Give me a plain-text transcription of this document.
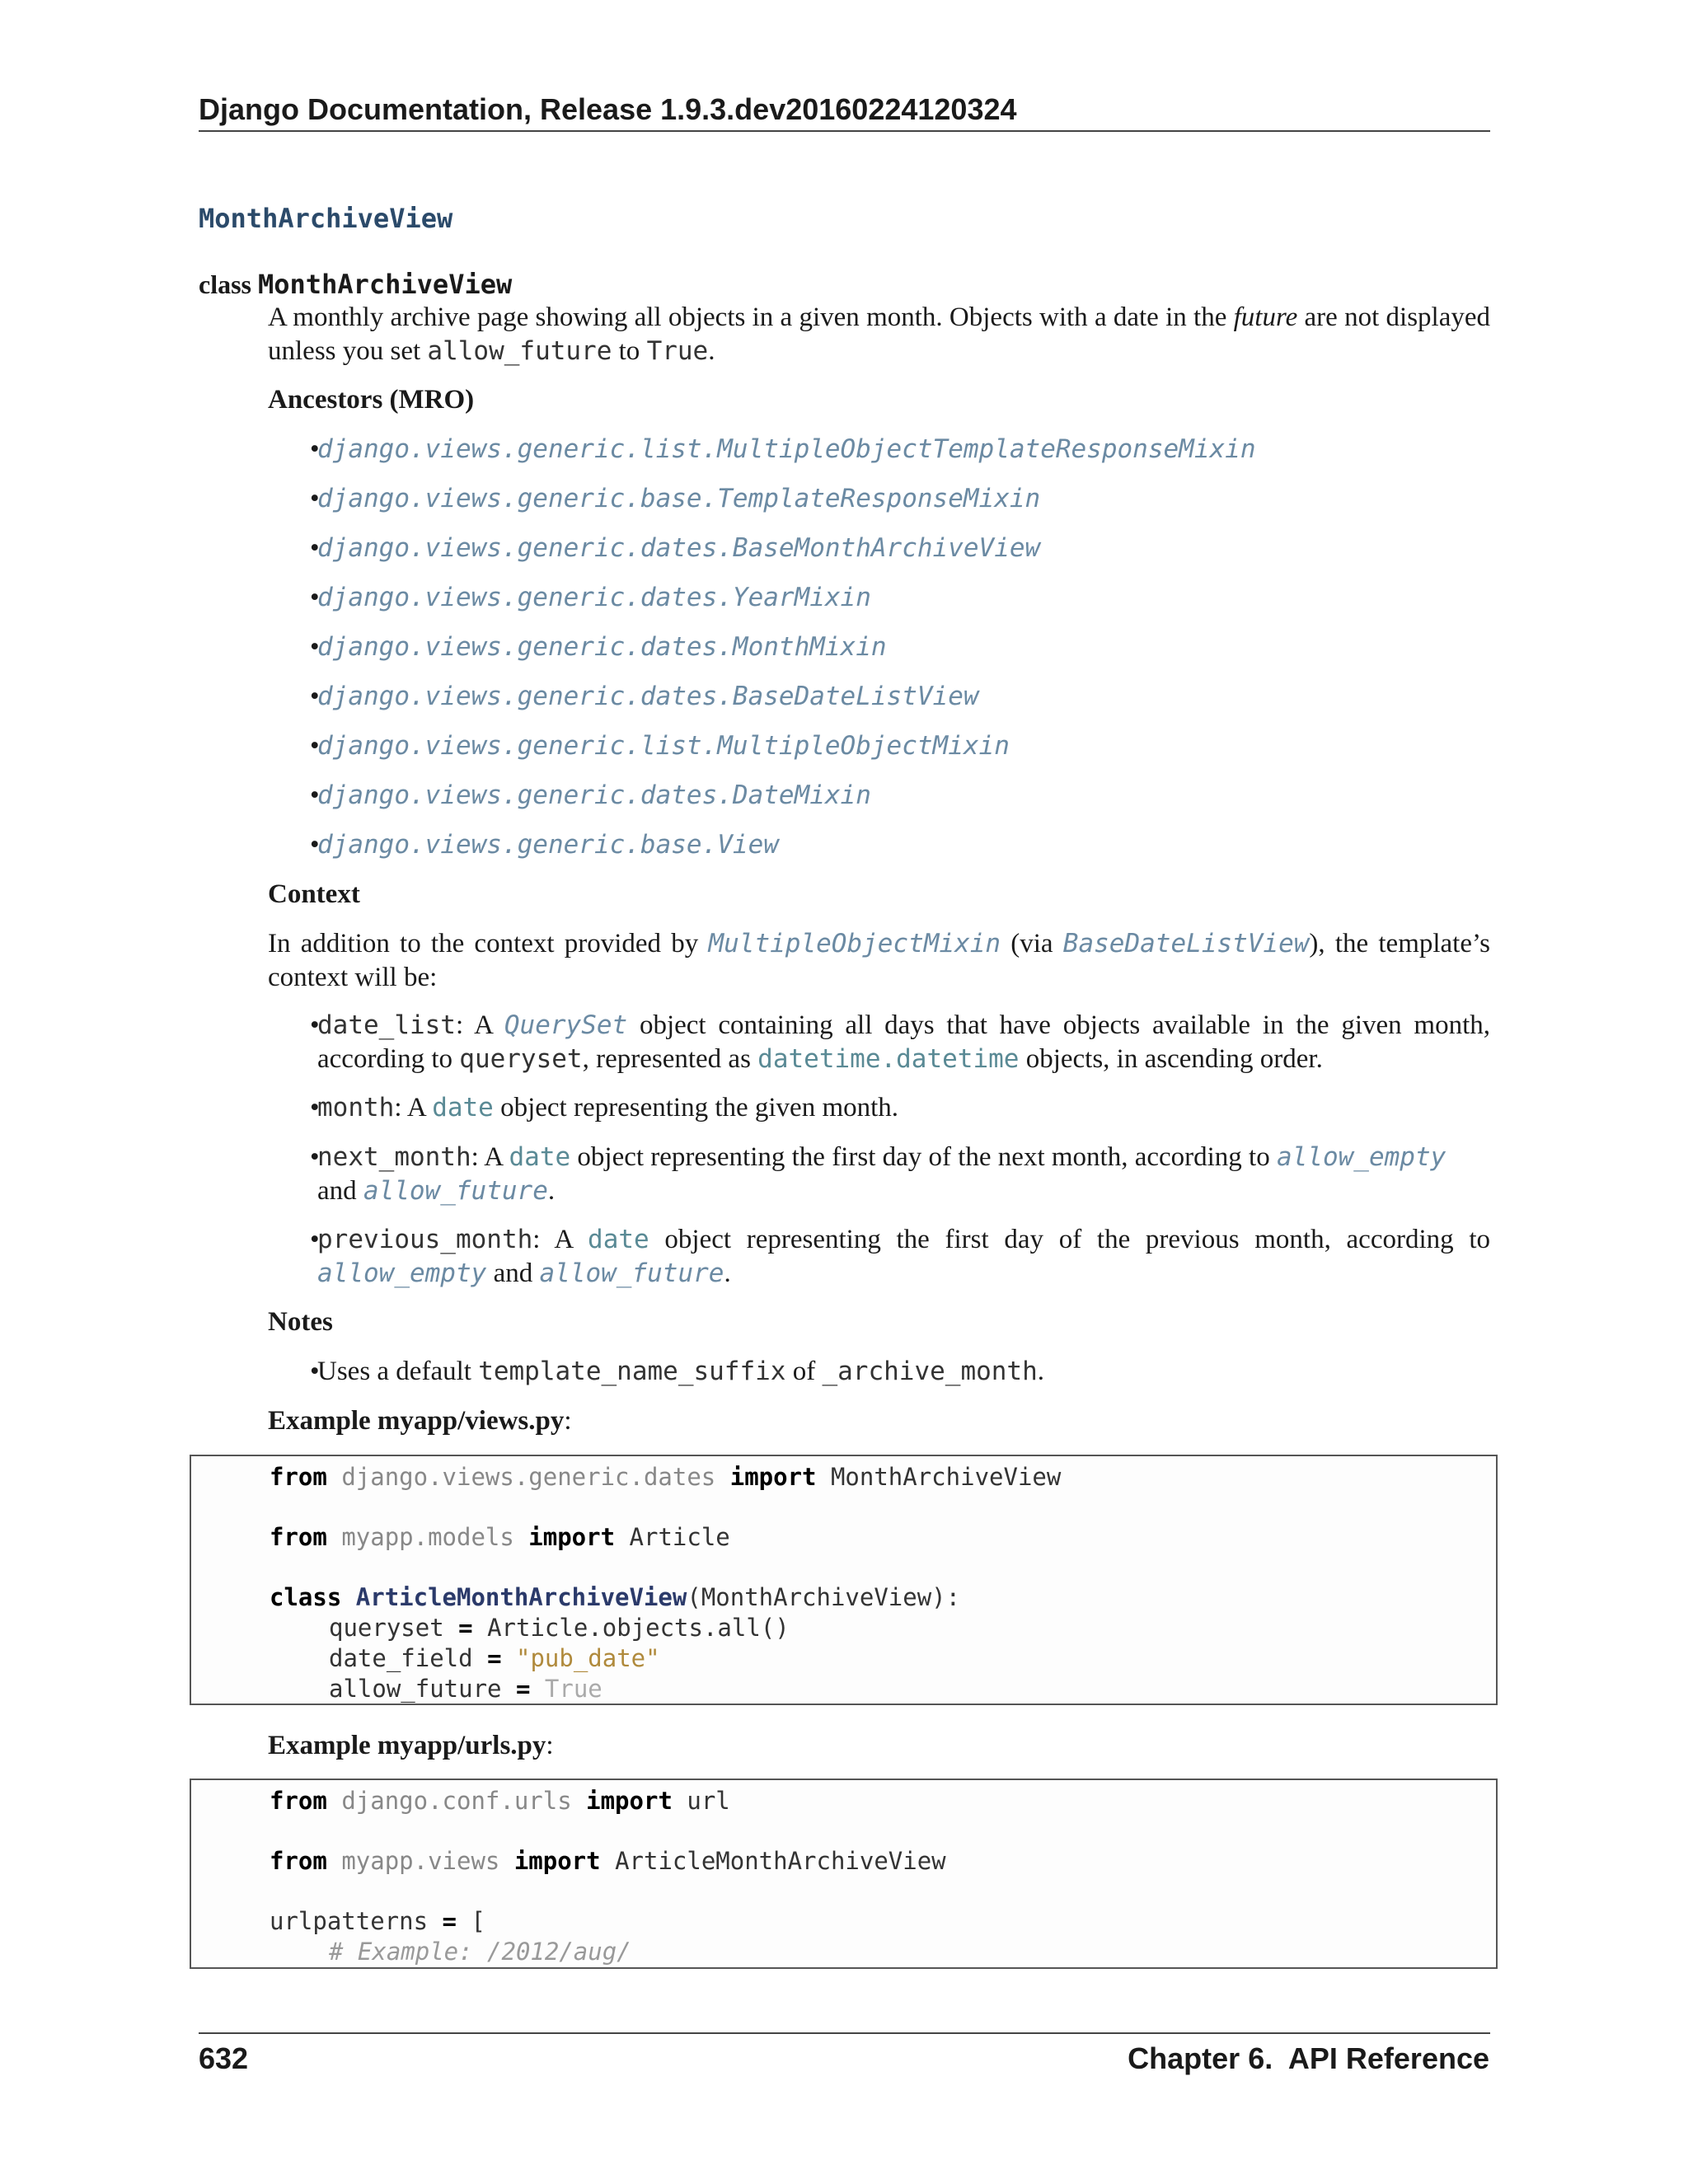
Django Documentation, Release 1.9.3.dev20160224120324
MonthArchiveView
class MonthArchiveView
A monthly archive page showing all objects in a given month. Objects with a date in the future are not displayed unless you set allow_future to True.
Ancestors (MRO)
•
django.views.generic.list.MultipleObjectTemplateResponseMixin
•
django.views.generic.base.TemplateResponseMixin
•
django.views.generic.dates.BaseMonthArchiveView
•
django.views.generic.dates.YearMixin
•
django.views.generic.dates.MonthMixin
•
django.views.generic.dates.BaseDateListView
•
django.views.generic.list.MultipleObjectMixin
•
django.views.generic.dates.DateMixin
•
django.views.generic.base.View
Context
In addition to the context provided by MultipleObjectMixin (via BaseDateListView), the template’s context will be:
•
date_list: A QuerySet object containing all days that have objects available in the given month, according to queryset, represented as datetime.datetime objects, in ascending order.
•
month: A date object representing the given month.
•
next_month: A date object representing the first day of the next month, according to allow_empty and allow_future.
•
previous_month: A date object representing the first day of the previous month, according to allow_empty and allow_future.
Notes
•
Uses a default template_name_suffix of _archive_month.
Example myapp/views.py:
from django.views.generic.dates import MonthArchiveView
from myapp.models import Article
class ArticleMonthArchiveView(MonthArchiveView):
queryset = Article.objects.all()
date_field = "pub_date"
allow_future = True
Example myapp/urls.py:
from django.conf.urls import url
from myapp.views import ArticleMonthArchiveView
urlpatterns = [
# Example: /2012/aug/
632	Chapter 6.  API Reference
